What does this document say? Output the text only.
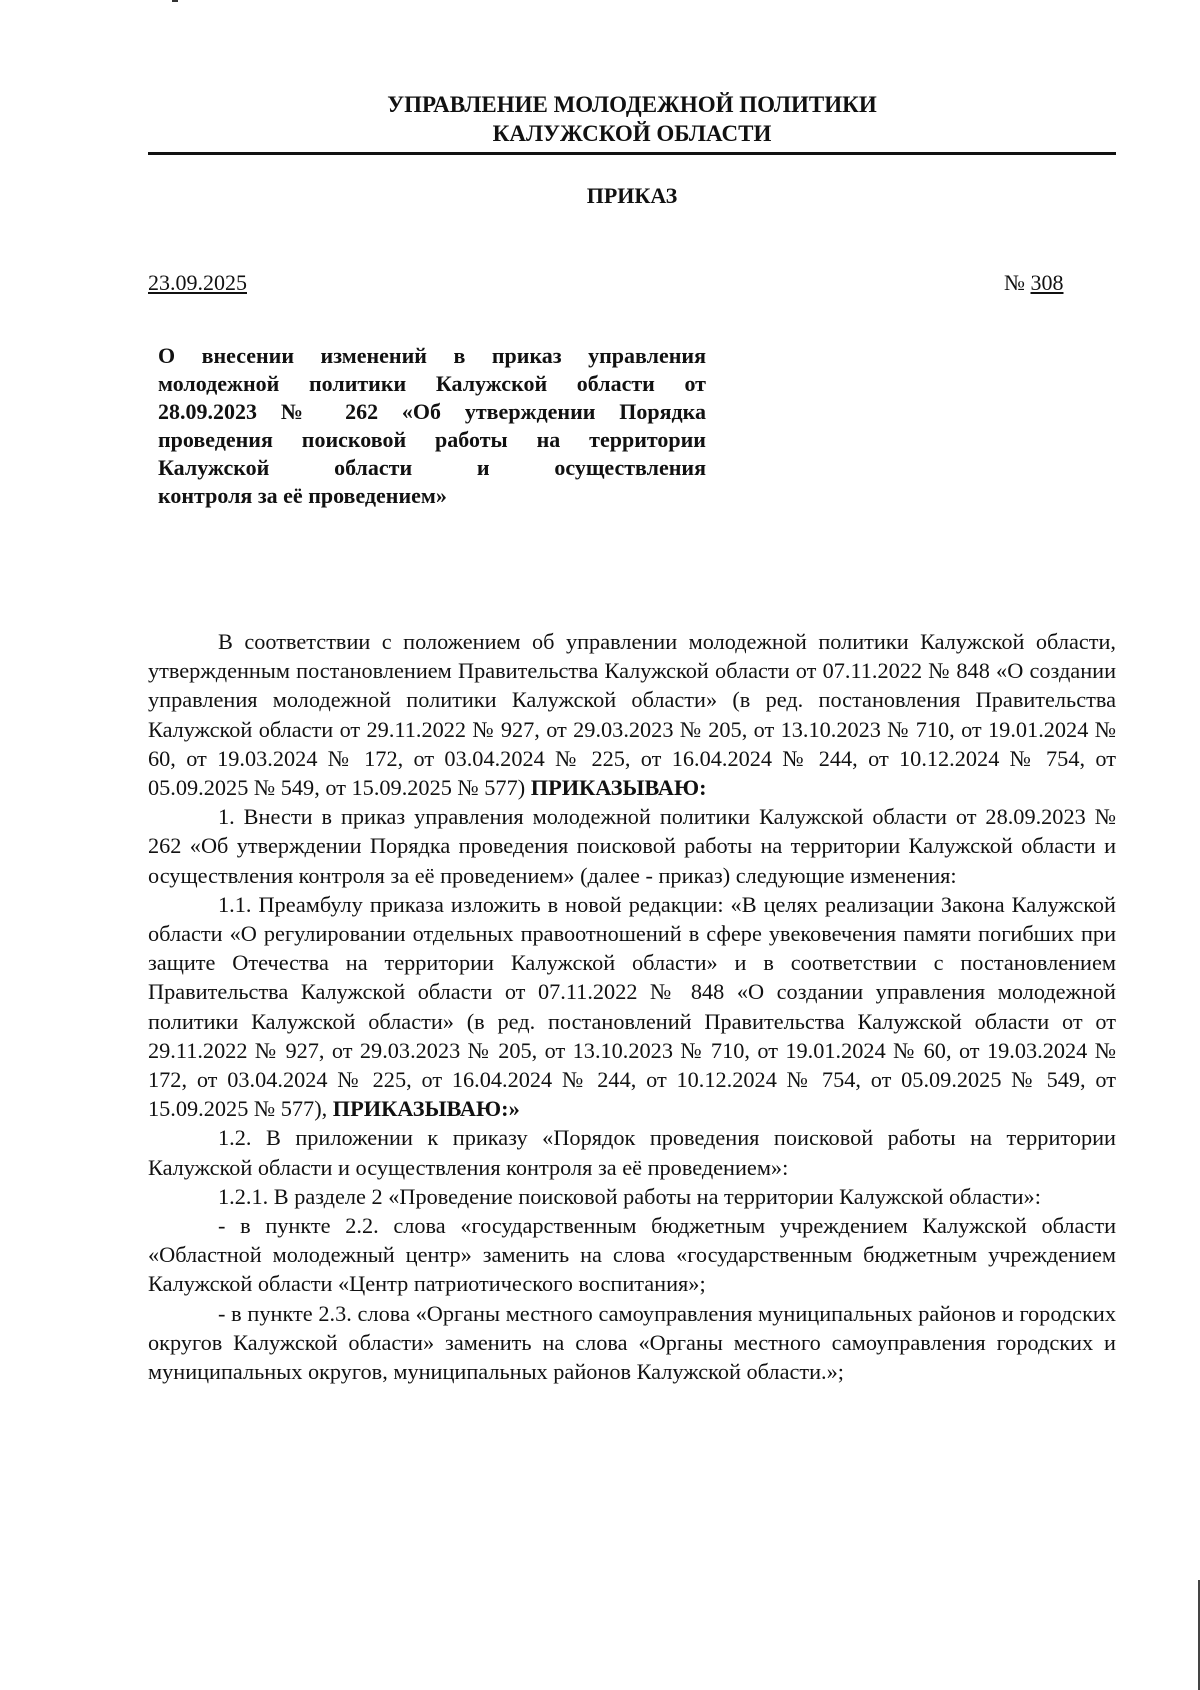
УПРАВЛЕНИЕ МОЛОДЕЖНОЙ ПОЛИТИКИ
КАЛУЖСКОЙ ОБЛАСТИ
ПРИКАЗ
23.09.2025	№ 308
О внесении изменений в приказ управления
молодежной политики Калужской области от
28.09.2023 № 262 «Об утверждении Порядка
проведения поисковой работы на территории
Калужской области и осуществления
контроля за её проведением»

В соответствии с положением об управлении молодежной политики Калужской области, утвержденным постановлением Правительства Калужской области от 07.11.2022 № 848 «О создании управления молодежной политики Калужской области» (в ред. постановления Правительства Калужской области от 29.11.2022 № 927, от 29.03.2023 № 205, от 13.10.2023 № 710, от 19.01.2024 № 60, от 19.03.2024 № 172, от 03.04.2024 № 225, от 16.04.2024 № 244, от 10.12.2024 № 754, от 05.09.2025 № 549, от 15.09.2025 № 577) ПРИКАЗЫВАЮ:

1. Внести в приказ управления молодежной политики Калужской области от 28.09.2023 № 262 «Об утверждении Порядка проведения поисковой работы на территории Калужской области и осуществления контроля за её проведением» (далее - приказ) следующие изменения:

1.1. Преамбулу приказа изложить в новой редакции: «В целях реализации Закона Калужской области «О регулировании отдельных правоотношений в сфере увековечения памяти погибших при защите Отечества на территории Калужской области» и в соответствии с постановлением Правительства Калужской области от 07.11.2022 № 848 «О создании управления молодежной политики Калужской области» (в ред. постановлений Правительства Калужской области от от 29.11.2022 № 927, от 29.03.2023 № 205, от 13.10.2023 № 710, от 19.01.2024 № 60, от 19.03.2024 № 172, от 03.04.2024 № 225, от 16.04.2024 № 244, от 10.12.2024 № 754, от 05.09.2025 № 549, от 15.09.2025 № 577), ПРИКАЗЫВАЮ:»

1.2. В приложении к приказу «Порядок проведения поисковой работы на территории Калужской области и осуществления контроля за её проведением»:

1.2.1. В разделе 2 «Проведение поисковой работы на территории Калужской области»:

- в пункте 2.2. слова «государственным бюджетным учреждением Калужской области «Областной молодежный центр» заменить на слова «государственным бюджетным учреждением Калужской области «Центр патриотического воспитания»;

- в пункте 2.3. слова «Органы местного самоуправления муниципальных районов и городских округов Калужской области» заменить на слова «Органы местного самоуправления городских и муниципальных округов, муниципальных районов Калужской области.»;
